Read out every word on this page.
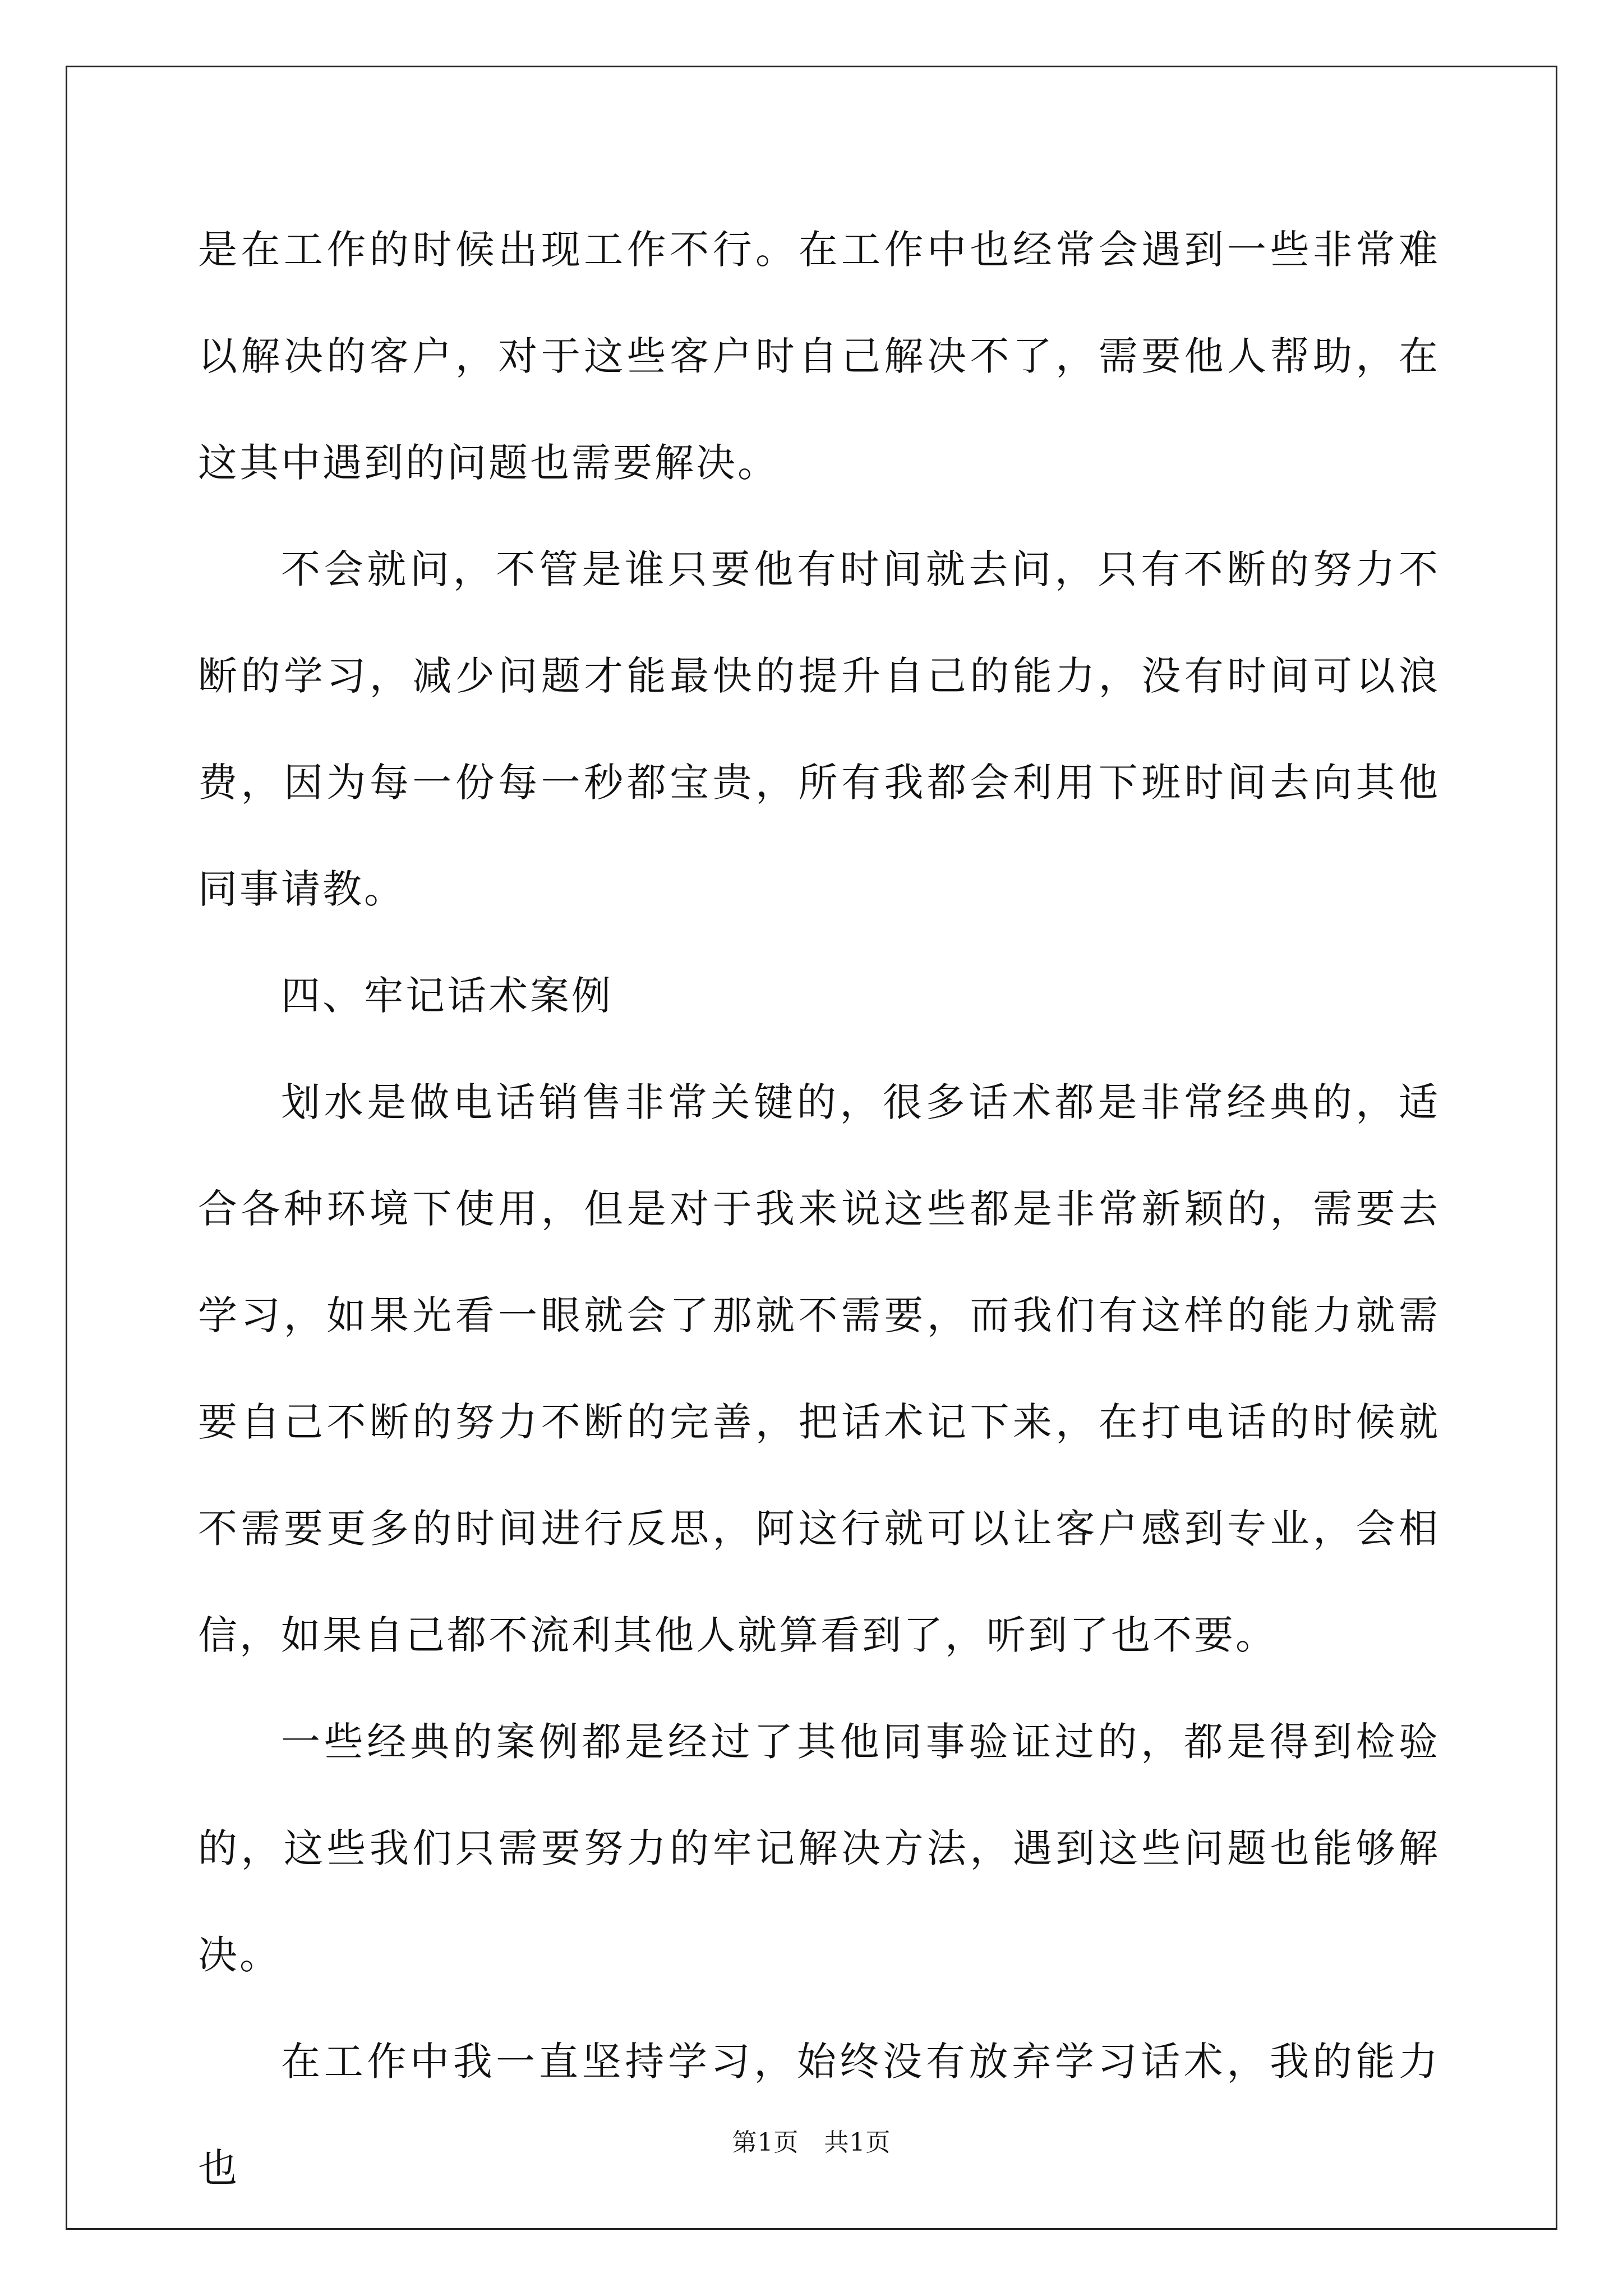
是在工作的时候出现工作不行。在工作中也经常会遇到一些非常难以解决的客户，对于这些客户时自己解决不了，需要他人帮助，在这其中遇到的问题也需要解决。

不会就问，不管是谁只要他有时间就去问，只有不断的努力不断的学习，减少问题才能最快的提升自己的能力，没有时间可以浪费，因为每一份每一秒都宝贵，所有我都会利用下班时间去向其他同事请教。

四、牢记话术案例

划水是做电话销售非常关键的，很多话术都是非常经典的，适合各种环境下使用，但是对于我来说这些都是非常新颖的，需要去学习，如果光看一眼就会了那就不需要，而我们有这样的能力就需要自己不断的努力不断的完善，把话术记下来，在打电话的时候就不需要更多的时间进行反思，阿这行就可以让客户感到专业，会相信，如果自己都不流利其他人就算看到了，听到了也不要。

一些经典的案例都是经过了其他同事验证过的，都是得到检验的，这些我们只需要努力的牢记解决方法，遇到这些问题也能够解决。

在工作中我一直坚持学习，始终没有放弃学习话术，我的能力也

第1页　共1页
